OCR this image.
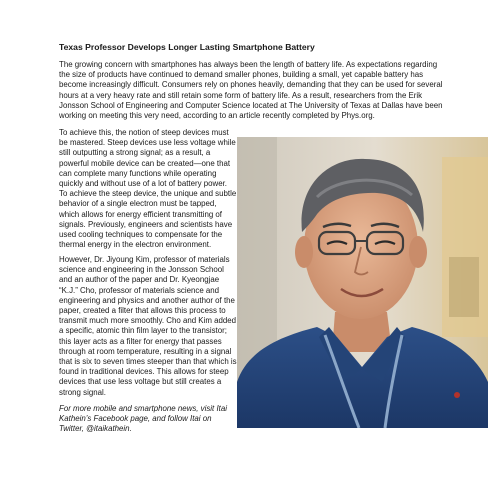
Texas Professor Develops Longer Lasting Smartphone Battery

The growing concern with smartphones has always been the length of battery life. As expectations regarding the size of products have continued to demand smaller phones, building a small, yet capable battery has become increasingly difficult. Consumers rely on phones heavily, demanding that they can be used for several hours at a very heavy rate and still retain some form of battery life. As a result, researchers from the Erik Jonsson School of Engineering and Computer Science located at The University of Texas at Dallas have been working on meeting this very need, according to an article recently completed by Phys.org.

To achieve this, the notion of steep devices must be mastered. Steep devices use less voltage while still outputting a strong signal; as a result, a powerful mobile device can be created—one that can complete many functions while operating quickly and without use of a lot of battery power. To achieve the steep device, the unique and subtle behavior of a single electron must be tapped, which allows for energy efficient transmitting of signals. Previously, engineers and scientists have used cooling techniques to compensate for the thermal energy in the electron environment.

However, Dr. Jiyoung Kim, professor of materials science and engineering in the Jonsson School and an author of the paper and Dr. Kyeongjae “K.J.” Cho, professor of materials science and engineering and physics and another author of the paper, created a filter that allows this process to transmit much more smoothly. Cho and Kim added a specific, atomic thin film layer to the transistor; this layer acts as a filter for energy that passes through at room temperature, resulting in a signal that is six to seven times steeper than that which is found in traditional devices. This allows for steep devices that use less voltage but still creates a strong signal.

For more mobile and smartphone news, visit Itai Kathein’s Facebook page, and follow Itai on Twitter, @itaikathein.
